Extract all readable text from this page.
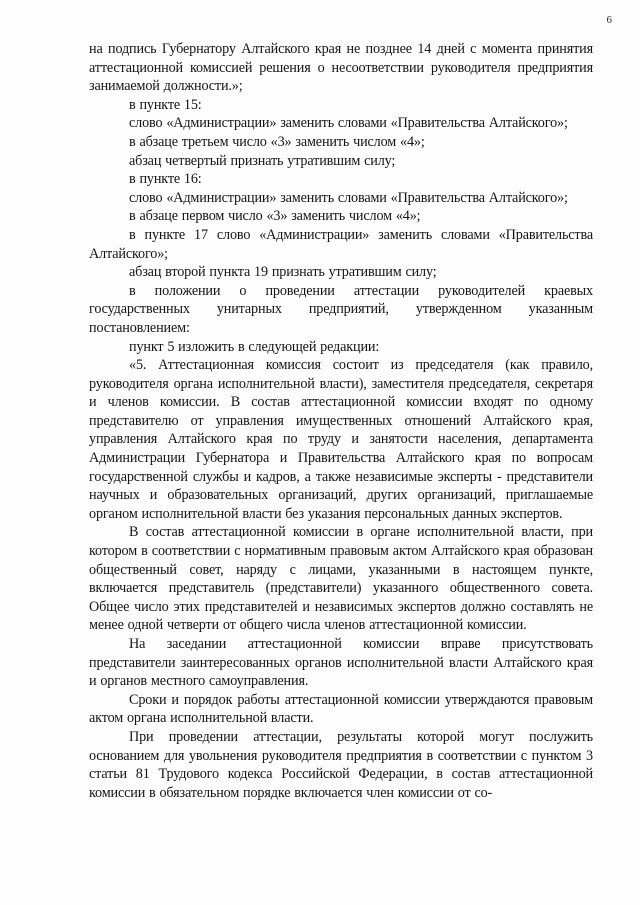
6

на подпись Губернатору Алтайского края не позднее 14 дней с момента принятия аттестационной комиссией решения о несоответствии руководителя предприятия занимаемой должности.»;

в пункте 15:

слово «Администрации» заменить словами «Правительства Алтайского»;

в абзаце третьем число «3» заменить числом «4»;

абзац четвертый признать утратившим силу;

в пункте 16:

слово «Администрации» заменить словами «Правительства Алтайского»;

в абзаце первом число «3» заменить числом «4»;

в пункте 17 слово «Администрации» заменить словами «Правительства Алтайского»;

абзац второй пункта 19 признать утратившим силу;

в положении о проведении аттестации руководителей краевых государственных унитарных предприятий, утвержденном указанным постановлением:

пункт 5 изложить в следующей редакции:

«5. Аттестационная комиссия состоит из председателя (как правило, руководителя органа исполнительной власти), заместителя председателя, секретаря и членов комиссии. В состав аттестационной комиссии входят по одному представителю от управления имущественных отношений Алтайского края, управления Алтайского края по труду и занятости населения, департамента Администрации Губернатора и Правительства Алтайского края по вопросам государственной службы и кадров, а также независимые эксперты - представители научных и образовательных организаций, других организаций, приглашаемые органом исполнительной власти без указания персональных данных экспертов.

В состав аттестационной комиссии в органе исполнительной власти, при котором в соответствии с нормативным правовым актом Алтайского края образован общественный совет, наряду с лицами, указанными в настоящем пункте, включается представитель (представители) указанного общественного совета. Общее число этих представителей и независимых экспертов должно составлять не менее одной четверти от общего числа членов аттестационной комиссии.

На заседании аттестационной комиссии вправе присутствовать представители заинтересованных органов исполнительной власти Алтайского края и органов местного самоуправления.

Сроки и порядок работы аттестационной комиссии утверждаются правовым актом органа исполнительной власти.

При проведении аттестации, результаты которой могут послужить основанием для увольнения руководителя предприятия в соответствии с пунктом 3 статьи 81 Трудового кодекса Российской Федерации, в состав аттестационной комиссии в обязательном порядке включается член комиссии от со-
